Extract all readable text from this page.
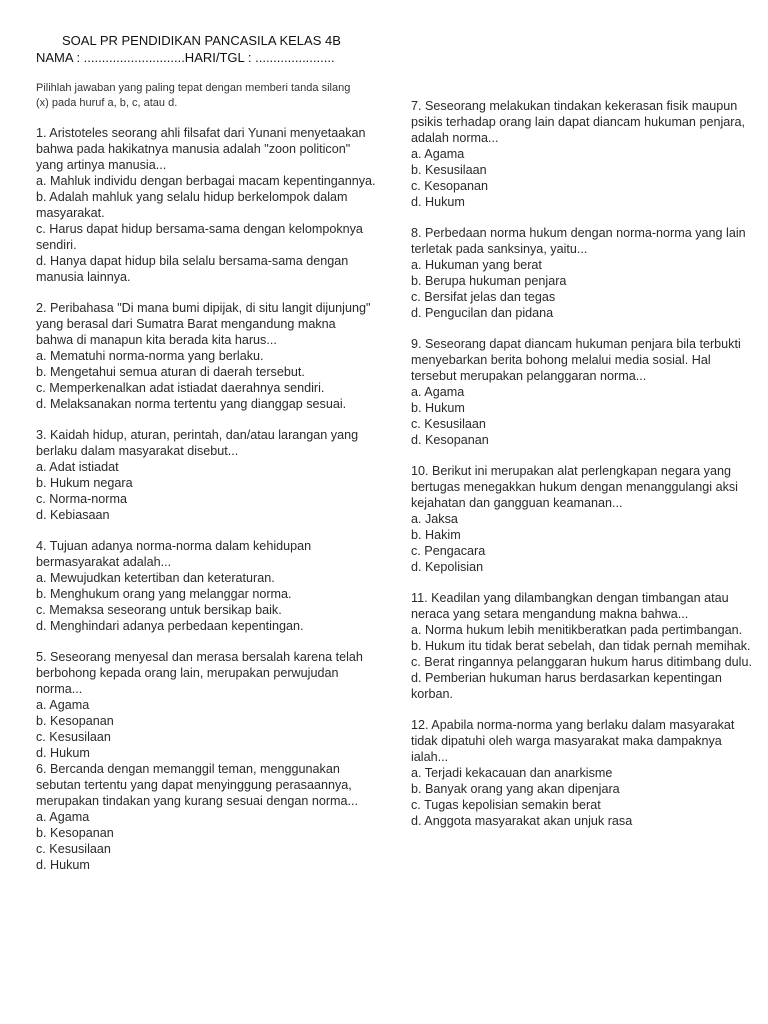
SOAL PR PENDIDIKAN PANCASILA KELAS 4B
NAMA : ............................HARI/TGL : ......................
Pilihlah jawaban yang paling tepat dengan memberi tanda silang (x) pada huruf a, b, c, atau d.

1. Aristoteles seorang ahli filsafat dari Yunani menyetaakan bahwa pada hakikatnya manusia adalah "zoon politicon" yang artinya manusia...

a. Mahluk individu dengan berbagai macam kepentingannya.
b. Adalah mahluk yang selalu hidup berkelompok dalam masyarakat.
c. Harus dapat hidup bersama-sama dengan kelompoknya sendiri.
d. Hanya dapat hidup bila selalu bersama-sama dengan manusia lainnya.

2. Peribahasa "Di mana bumi dipijak, di situ langit dijunjung" yang berasal dari Sumatra Barat mengandung makna bahwa di manapun kita berada kita harus...

a. Mematuhi norma-norma yang berlaku.
b. Mengetahui semua aturan di daerah tersebut.
c. Memperkenalkan adat istiadat daerahnya sendiri.
d. Melaksanakan norma tertentu yang dianggap sesuai.

3. Kaidah hidup, aturan, perintah, dan/atau larangan yang berlaku dalam masyarakat disebut...

a. Adat istiadat
b. Hukum negara
c. Norma-norma
d. Kebiasaan

4. Tujuan adanya norma-norma dalam kehidupan bermasyarakat adalah...

a. Mewujudkan ketertiban dan keteraturan.
b. Menghukum orang yang melanggar norma.
c. Memaksa seseorang untuk bersikap baik.
d. Menghindari adanya perbedaan kepentingan.

5. Seseorang menyesal dan merasa bersalah karena telah berbohong kepada orang lain, merupakan perwujudan norma...

a. Agama
b. Kesopanan
c. Kesusilaan
d. Hukum

6. Bercanda dengan memanggil teman, menggunakan sebutan tertentu yang dapat menyinggung perasaannya, merupakan tindakan yang kurang sesuai dengan norma...

a. Agama
b. Kesopanan
c. Kesusilaan
d. Hukum

7. Seseorang melakukan tindakan kekerasan fisik maupun psikis terhadap orang lain dapat diancam hukuman penjara, adalah norma...

a. Agama
b. Kesusilaan
c. Kesopanan
d. Hukum

8. Perbedaan norma hukum dengan norma-norma yang lain terletak pada sanksinya, yaitu...

a. Hukuman yang berat
b. Berupa hukuman penjara
c. Bersifat jelas dan tegas
d. Pengucilan dan pidana

9. Seseorang dapat diancam hukuman penjara bila terbukti menyebarkan berita bohong melalui media sosial. Hal tersebut merupakan pelanggaran norma...

a. Agama
b. Hukum
c. Kesusilaan
d. Kesopanan

10. Berikut ini merupakan alat perlengkapan negara yang bertugas menegakkan hukum dengan menanggulangi aksi kejahatan dan gangguan keamanan...

a. Jaksa
b. Hakim
c. Pengacara
d. Kepolisian

11. Keadilan yang dilambangkan dengan timbangan atau neraca yang setara mengandung makna bahwa...

a. Norma hukum lebih menitikberatkan pada pertimbangan.
b. Hukum itu tidak berat sebelah, dan tidak pernah memihak.
c. Berat ringannya pelanggaran hukum harus ditimbang dulu.
d. Pemberian hukuman harus berdasarkan kepentingan korban.

12. Apabila norma-norma yang berlaku dalam masyarakat tidak dipatuhi oleh warga masyarakat maka dampaknya ialah...

a. Terjadi kekacauan dan anarkisme
b. Banyak orang yang akan dipenjara
c. Tugas kepolisian semakin berat
d. Anggota masyarakat akan unjuk rasa
